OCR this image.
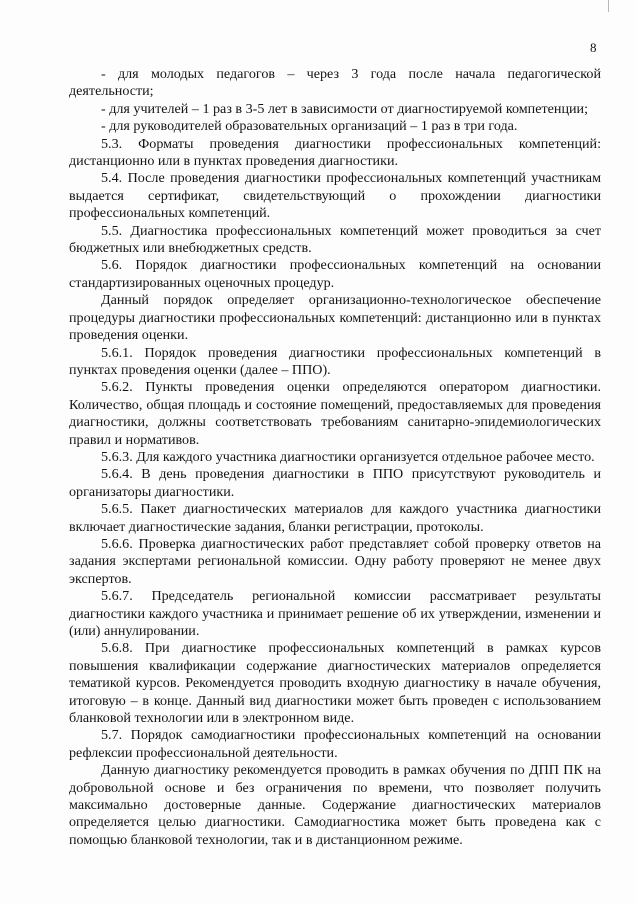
8

- для молодых педагогов – через 3 года после начала педагогической деятельности;

- для учителей – 1 раз в 3-5 лет в зависимости от диагностируемой компетенции;

- для руководителей образовательных организаций – 1 раз в три года.

5.3. Форматы проведения диагностики профессиональных компетенций: дистанционно или в пунктах проведения диагностики.

5.4. После проведения диагностики профессиональных компетенций участникам выдается сертификат, свидетельствующий о прохождении диагностики профессиональных компетенций.

5.5. Диагностика профессиональных компетенций может проводиться за счет бюджетных или внебюджетных средств.

5.6. Порядок диагностики профессиональных компетенций на основании стандартизированных оценочных процедур.

Данный порядок определяет организационно-технологическое обеспечение процедуры диагностики профессиональных компетенций: дистанционно или в пунктах проведения оценки.

5.6.1. Порядок проведения диагностики профессиональных компетенций в пунктах проведения оценки (далее – ППО).

5.6.2. Пункты проведения оценки определяются оператором диагностики. Количество, общая площадь и состояние помещений, предоставляемых для проведения диагностики, должны соответствовать требованиям санитарно-эпидемиологических правил и нормативов.

5.6.3. Для каждого участника диагностики организуется отдельное рабочее место.

5.6.4. В день проведения диагностики в ППО присутствуют руководитель и организаторы диагностики.

5.6.5. Пакет диагностических материалов для каждого участника диагностики включает диагностические задания, бланки регистрации, протоколы.

5.6.6. Проверка диагностических работ представляет собой проверку ответов на задания экспертами региональной комиссии. Одну работу проверяют не менее двух экспертов.

5.6.7. Председатель региональной комиссии рассматривает результаты диагностики каждого участника и принимает решение об их утверждении, изменении и (или) аннулировании.

5.6.8. При диагностике профессиональных компетенций в рамках курсов повышения квалификации содержание диагностических материалов определяется тематикой курсов. Рекомендуется проводить входную диагностику в начале обучения, итоговую – в конце. Данный вид диагностики может быть проведен с использованием бланковой технологии или в электронном виде.

5.7. Порядок самодиагностики профессиональных компетенций на основании рефлексии профессиональной деятельности.

Данную диагностику рекомендуется проводить в рамках обучения по ДПП ПК на добровольной основе и без ограничения по времени, что позволяет получить максимально достоверные данные. Содержание диагностических материалов определяется целью диагностики. Самодиагностика может быть проведена как с помощью бланковой технологии, так и в дистанционном режиме.
